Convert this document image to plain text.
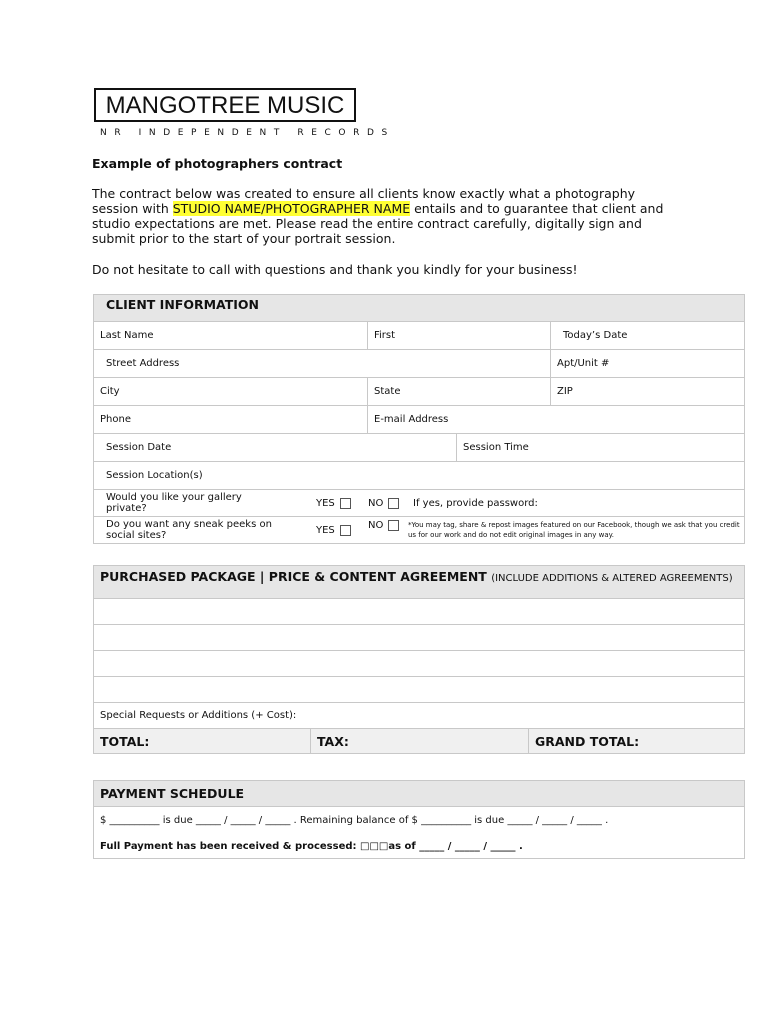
MANGOTREE MUSIC
NR INDEPENDENT RECORDS
Example of photographers contract
The contract below was created to ensure all clients know exactly what a photography session with STUDIO NAME/PHOTOGRAPHER NAME entails and to guarantee that client and studio expectations are met. Please read the entire contract carefully, digitally sign and submit prior to the start of your portrait session.
Do not hesitate to call with questions and thank you kindly for your business!
CLIENT INFORMATION
Last Name	First	Today’s Date
Street Address	Apt/Unit #
City	State	ZIP
Phone	E-mail Address
Session Date	Session Time
Session Location(s)
Would you like your gallery private?	YES	NO	If yes, provide password:
Do you want any sneak peeks on social sites?	YES	NO	*You may tag, share & repost images featured on our Facebook, though we ask that you credit us for our work and do not edit original images in any way.
PURCHASED PACKAGE | PRICE & CONTENT AGREEMENT (INCLUDE ADDITIONS & ALTERED AGREEMENTS)
Special Requests or Additions (+ Cost):
TOTAL:	TAX:	GRAND TOTAL:
PAYMENT SCHEDULE
$ __________ is due _____ / _____ / _____ . Remaining balance of $ __________ is due _____ / _____ / _____ .
Full Payment has been received & processed: □□□as of _____ / _____ / _____ .
